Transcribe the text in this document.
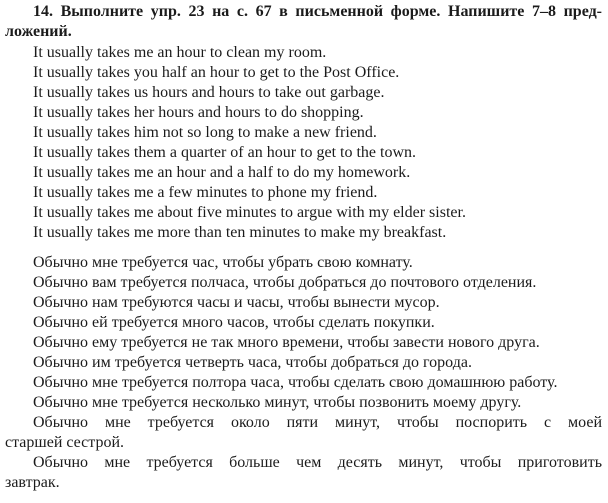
14. Выполните упр. 23 на с. 67 в письменной форме. Напишите 7–8 пред-
ложений.

It usually takes me an hour to clean my room.

It usually takes you half an hour to get to the Post Office.

It usually takes us hours and hours to take out garbage.

It usually takes her hours and hours to do shopping.

It usually takes him not so long to make a new friend.

It usually takes them a quarter of an hour to get to the town.

It usually takes me an hour and a half to do my homework.

It usually takes me a few minutes to phone my friend.

It usually takes me about five minutes to argue with my elder sister.

It usually takes me more than ten minutes to make my breakfast.

Обычно мне требуется час, чтобы убрать свою комнату.

Обычно вам требуется полчаса, чтобы добраться до почтового отделения.

Обычно нам требуются часы и часы, чтобы вынести мусор.

Обычно ей требуется много часов, чтобы сделать покупки.

Обычно ему требуется не так много времени, чтобы завести нового друга.

Обычно им требуется четверть часа, чтобы добраться до города.

Обычно мне требуется полтора часа, чтобы сделать свою домашнюю работу.

Обычно мне требуется несколько минут, чтобы позвонить моему другу.

Обычно мне требуется около пяти минут, чтобы поспорить с моей
старшей сестрой.

Обычно мне требуется больше чем десять минут, чтобы приготовить
завтрак.
